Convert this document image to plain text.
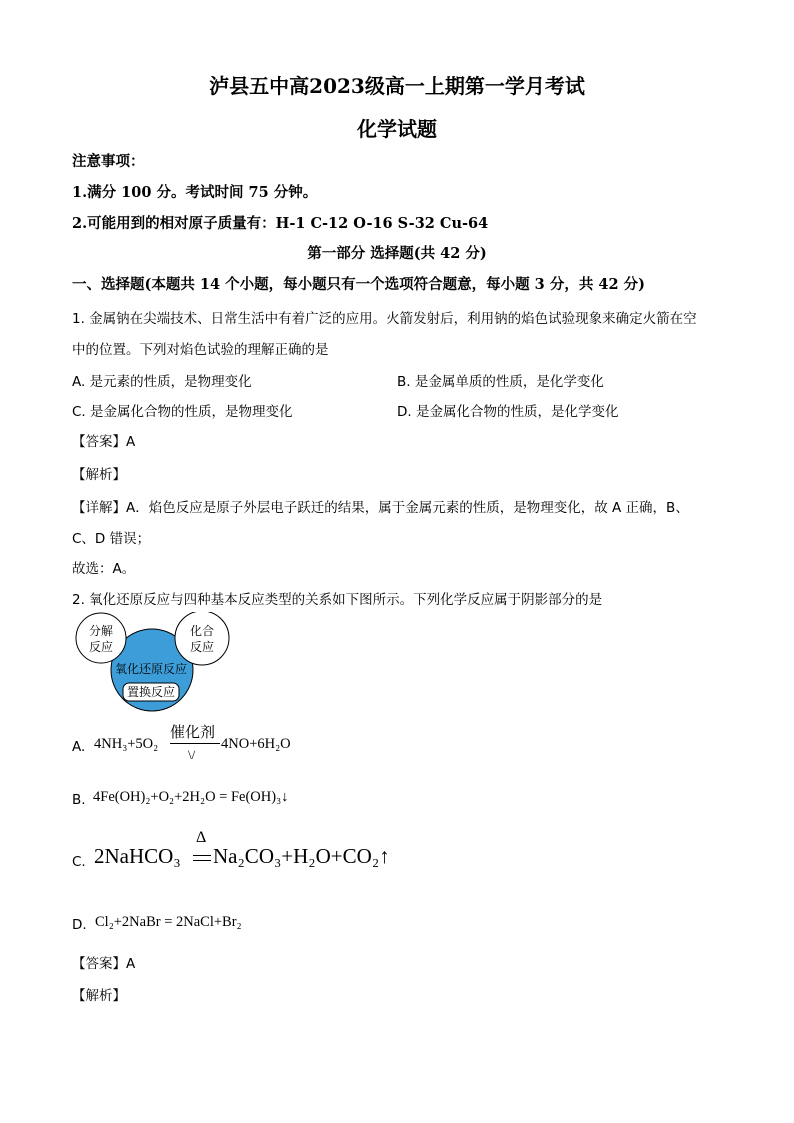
泸县五中高2023级高一上期第一学月考试
化学试题
注意事项：
1.满分 100 分。考试时间 75 分钟。
2.可能用到的相对原子质量有：H-1 C-12 O-16 S-32 Cu-64
第一部分 选择题(共 42 分)
一、选择题(本题共 14 个小题，每小题只有一个选项符合题意，每小题 3 分，共 42 分)
1. 金属钠在尖端技术、日常生活中有着广泛的应用。火箭发射后，利用钠的焰色试验现象来确定火箭在空
中的位置。下列对焰色试验的理解正确的是
A. 是元素的性质，是物理变化	B. 是金属单质的性质，是化学变化
C. 是金属化合物的性质，是物理变化	D. 是金属化合物的性质，是化学变化
【答案】A
【解析】
【详解】A．焰色反应是原子外层电子跃迁的结果，属于金属元素的性质，是物理变化，故 A 正确，B、
C、D 错误；
故选：A。
2. 氧化还原反应与四种基本反应类型的关系如下图所示。下列化学反应属于阴影部分的是
分解
反应
化合
反应
氧化还原反应
置换反应
A. 4NH₃+5O₂
催化剂
\/
4NO+6H₂O
B. 4Fe(OH)₂+O₂+2H₂O = Fe(OH)₃↓
C. 2NaHCO₃
Δ
Na₂CO₃+H₂O+CO₂↑
D. Cl₂+2NaBr = 2NaCl+Br₂
【答案】A
【解析】
